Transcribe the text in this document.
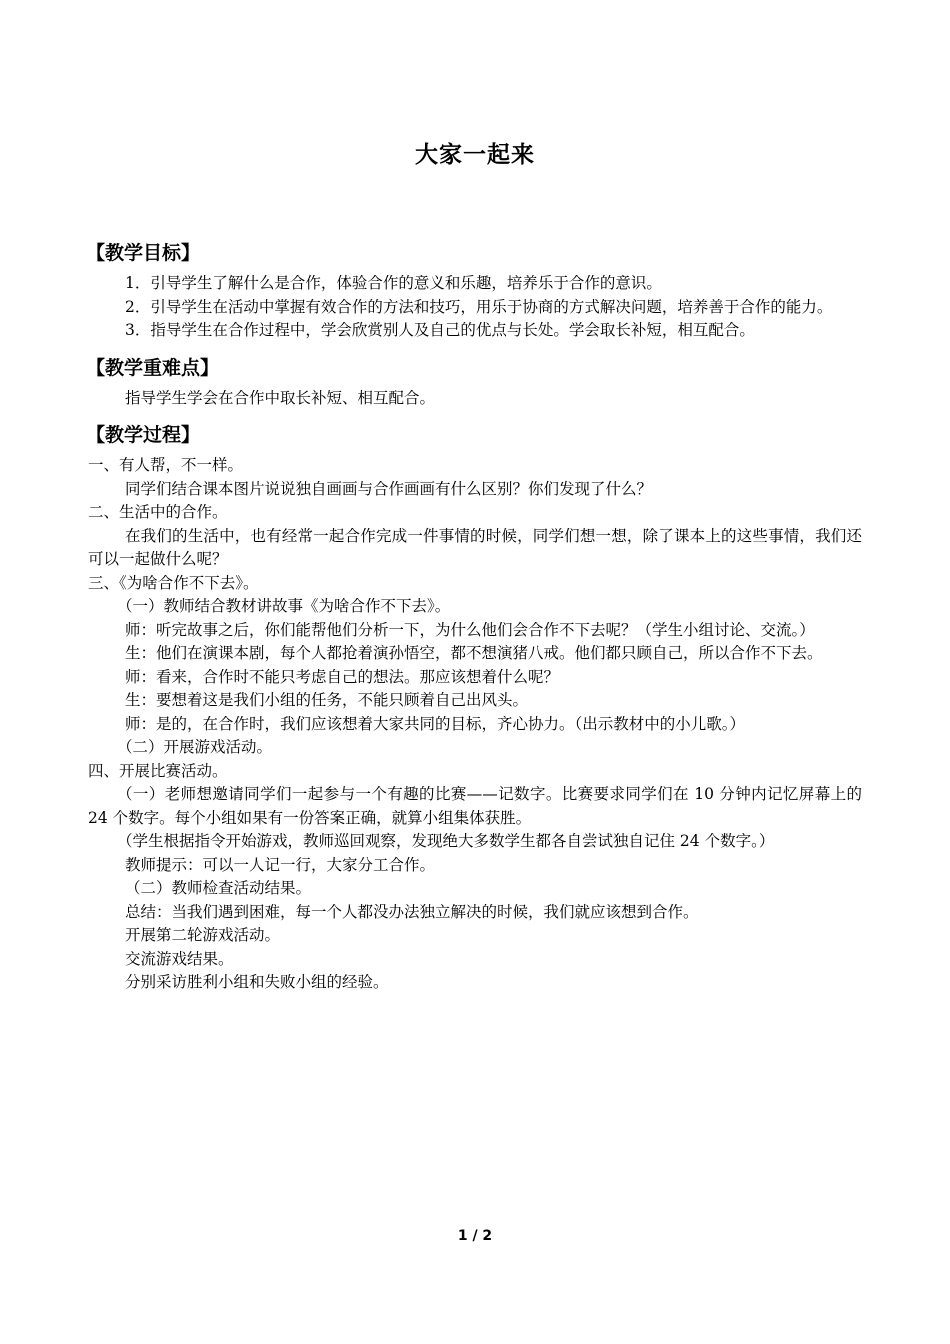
大家一起来
【教学目标】

1．引导学生了解什么是合作，体验合作的意义和乐趣，培养乐于合作的意识。

2．引导学生在活动中掌握有效合作的方法和技巧，用乐于协商的方式解决问题，培养善于合作的能力。

3．指导学生在合作过程中，学会欣赏别人及自己的优点与长处。学会取长补短，相互配合。

【教学重难点】

指导学生学会在合作中取长补短、相互配合。

【教学过程】

一、有人帮，不一样。

同学们结合课本图片说说独自画画与合作画画有什么区别？你们发现了什么？

二、生活中的合作。

在我们的生活中，也有经常一起合作完成一件事情的时候，同学们想一想，除了课本上的这些事情，我们还可以一起做什么呢？

三、《为啥合作不下去》。

（一）教师结合教材讲故事《为啥合作不下去》。

师：听完故事之后，你们能帮他们分析一下，为什么他们会合作不下去呢？（学生小组讨论、交流。）

生：他们在演课本剧，每个人都抢着演孙悟空，都不想演猪八戒。他们都只顾自己，所以合作不下去。

师：看来，合作时不能只考虑自己的想法。那应该想着什么呢？

生：要想着这是我们小组的任务，不能只顾着自己出风头。

师：是的，在合作时，我们应该想着大家共同的目标，齐心协力。（出示教材中的小儿歌。）

（二）开展游戏活动。

四、开展比赛活动。

（一）老师想邀请同学们一起参与一个有趣的比赛——记数字。比赛要求同学们在 10 分钟内记忆屏幕上的 24 个数字。每个小组如果有一份答案正确，就算小组集体获胜。

（学生根据指令开始游戏，教师巡回观察，发现绝大多数学生都各自尝试独自记住 24 个数字。）

教师提示：可以一人记一行，大家分工合作。

（二）教师检查活动结果。

总结：当我们遇到困难，每一个人都没办法独立解决的时候，我们就应该想到合作。

开展第二轮游戏活动。

交流游戏结果。

分别采访胜利小组和失败小组的经验。

1 / 2
